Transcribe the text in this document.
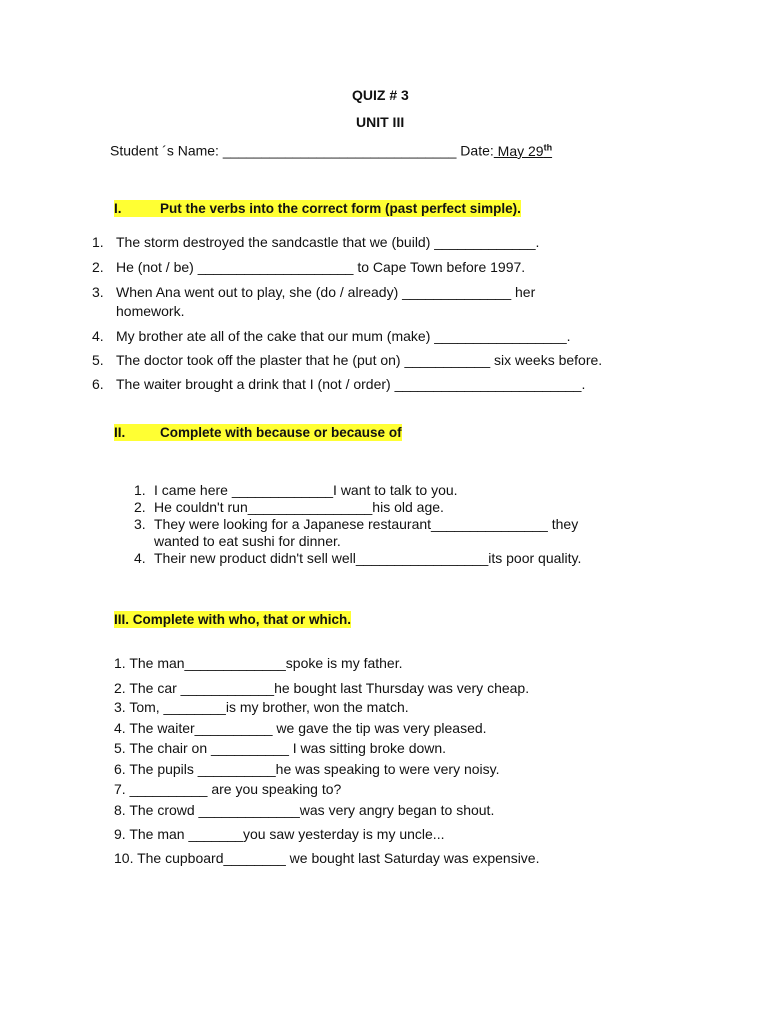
QUIZ # 3
UNIT III
Student ´s Name: ______________________________ Date: May 29th
I.	Put the verbs into the correct form (past perfect simple).
1. The storm destroyed the sandcastle that we (build) _____________.
2. He (not / be) ____________________ to Cape Town before 1997.
3. When Ana went out to play, she (do / already) ______________ her
homework.
4. My brother ate all of the cake that our mum (make) _________________.
5. The doctor took off the plaster that he (put on) ___________ six weeks before.
6. The waiter brought a drink that I (not / order) ________________________.
II.	Complete with because or because of
1. I came here _____________I want to talk to you.
2. He couldn't run________________his old age.
3. They were looking for a Japanese restaurant_______________ they
wanted to eat sushi for dinner.
4. Their new product didn't sell well_________________its poor quality.
III. Complete with who, that or which.
1. The man_____________spoke is my father.
2. The car ____________he bought last Thursday was very cheap.
3. Tom, ________is my brother, won the match.
4. The waiter__________ we gave the tip was very pleased.
5. The chair on __________ I was sitting broke down.
6. The pupils __________he was speaking to were very noisy.
7. __________ are you speaking to?
8. The crowd _____________was very angry began to shout.
9. The man _______you saw yesterday is my uncle...
10. The cupboard________ we bought last Saturday was expensive.
